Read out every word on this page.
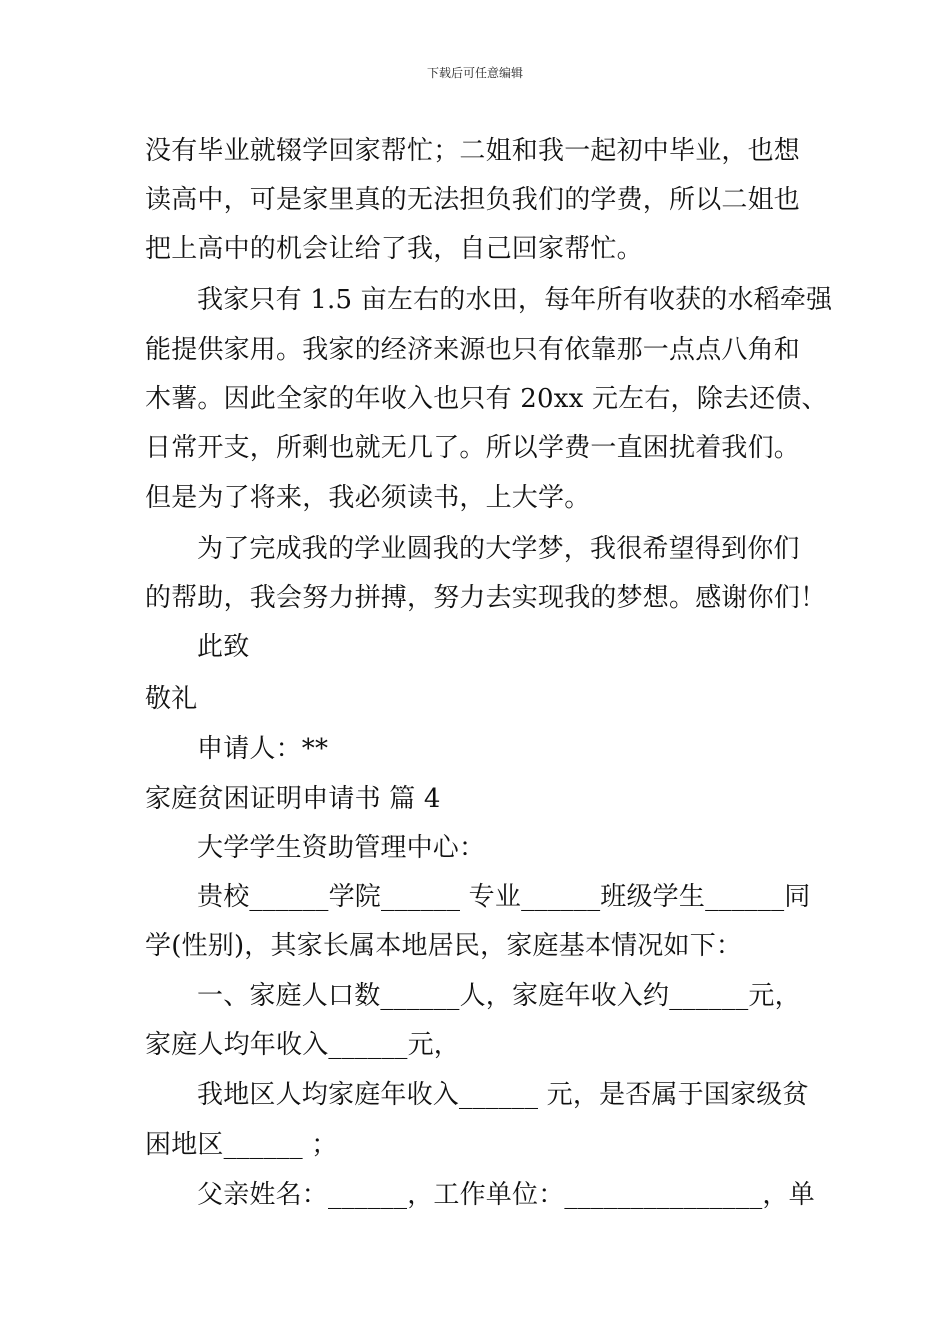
下载后可任意编辑
没有毕业就辍学回家帮忙；二姐和我一起初中毕业，也想
读高中，可是家里真的无法担负我们的学费，所以二姐也
把上高中的机会让给了我，自己回家帮忙。
我家只有 1.5 亩左右的水田，每年所有收获的水稻牵强
能提供家用。我家的经济来源也只有依靠那一点点八角和
木薯。因此全家的年收入也只有 20xx 元左右，除去还债、
日常开支，所剩也就无几了。所以学费一直困扰着我们。
但是为了将来，我必须读书，上大学。
为了完成我的学业圆我的大学梦，我很希望得到你们
的帮助，我会努力拼搏，努力去实现我的梦想。感谢你们！
此致
敬礼
申请人：**
家庭贫困证明申请书 篇 4
大学学生资助管理中心：
贵校______学院______ 专业______班级学生______同
学(性别)，其家长属本地居民，家庭基本情况如下：
一、家庭人口数______人，家庭年收入约______元，
家庭人均年收入______元，
我地区人均家庭年收入______ 元，是否属于国家级贫
困地区______ ；
父亲姓名：______，工作单位：_______________，单
